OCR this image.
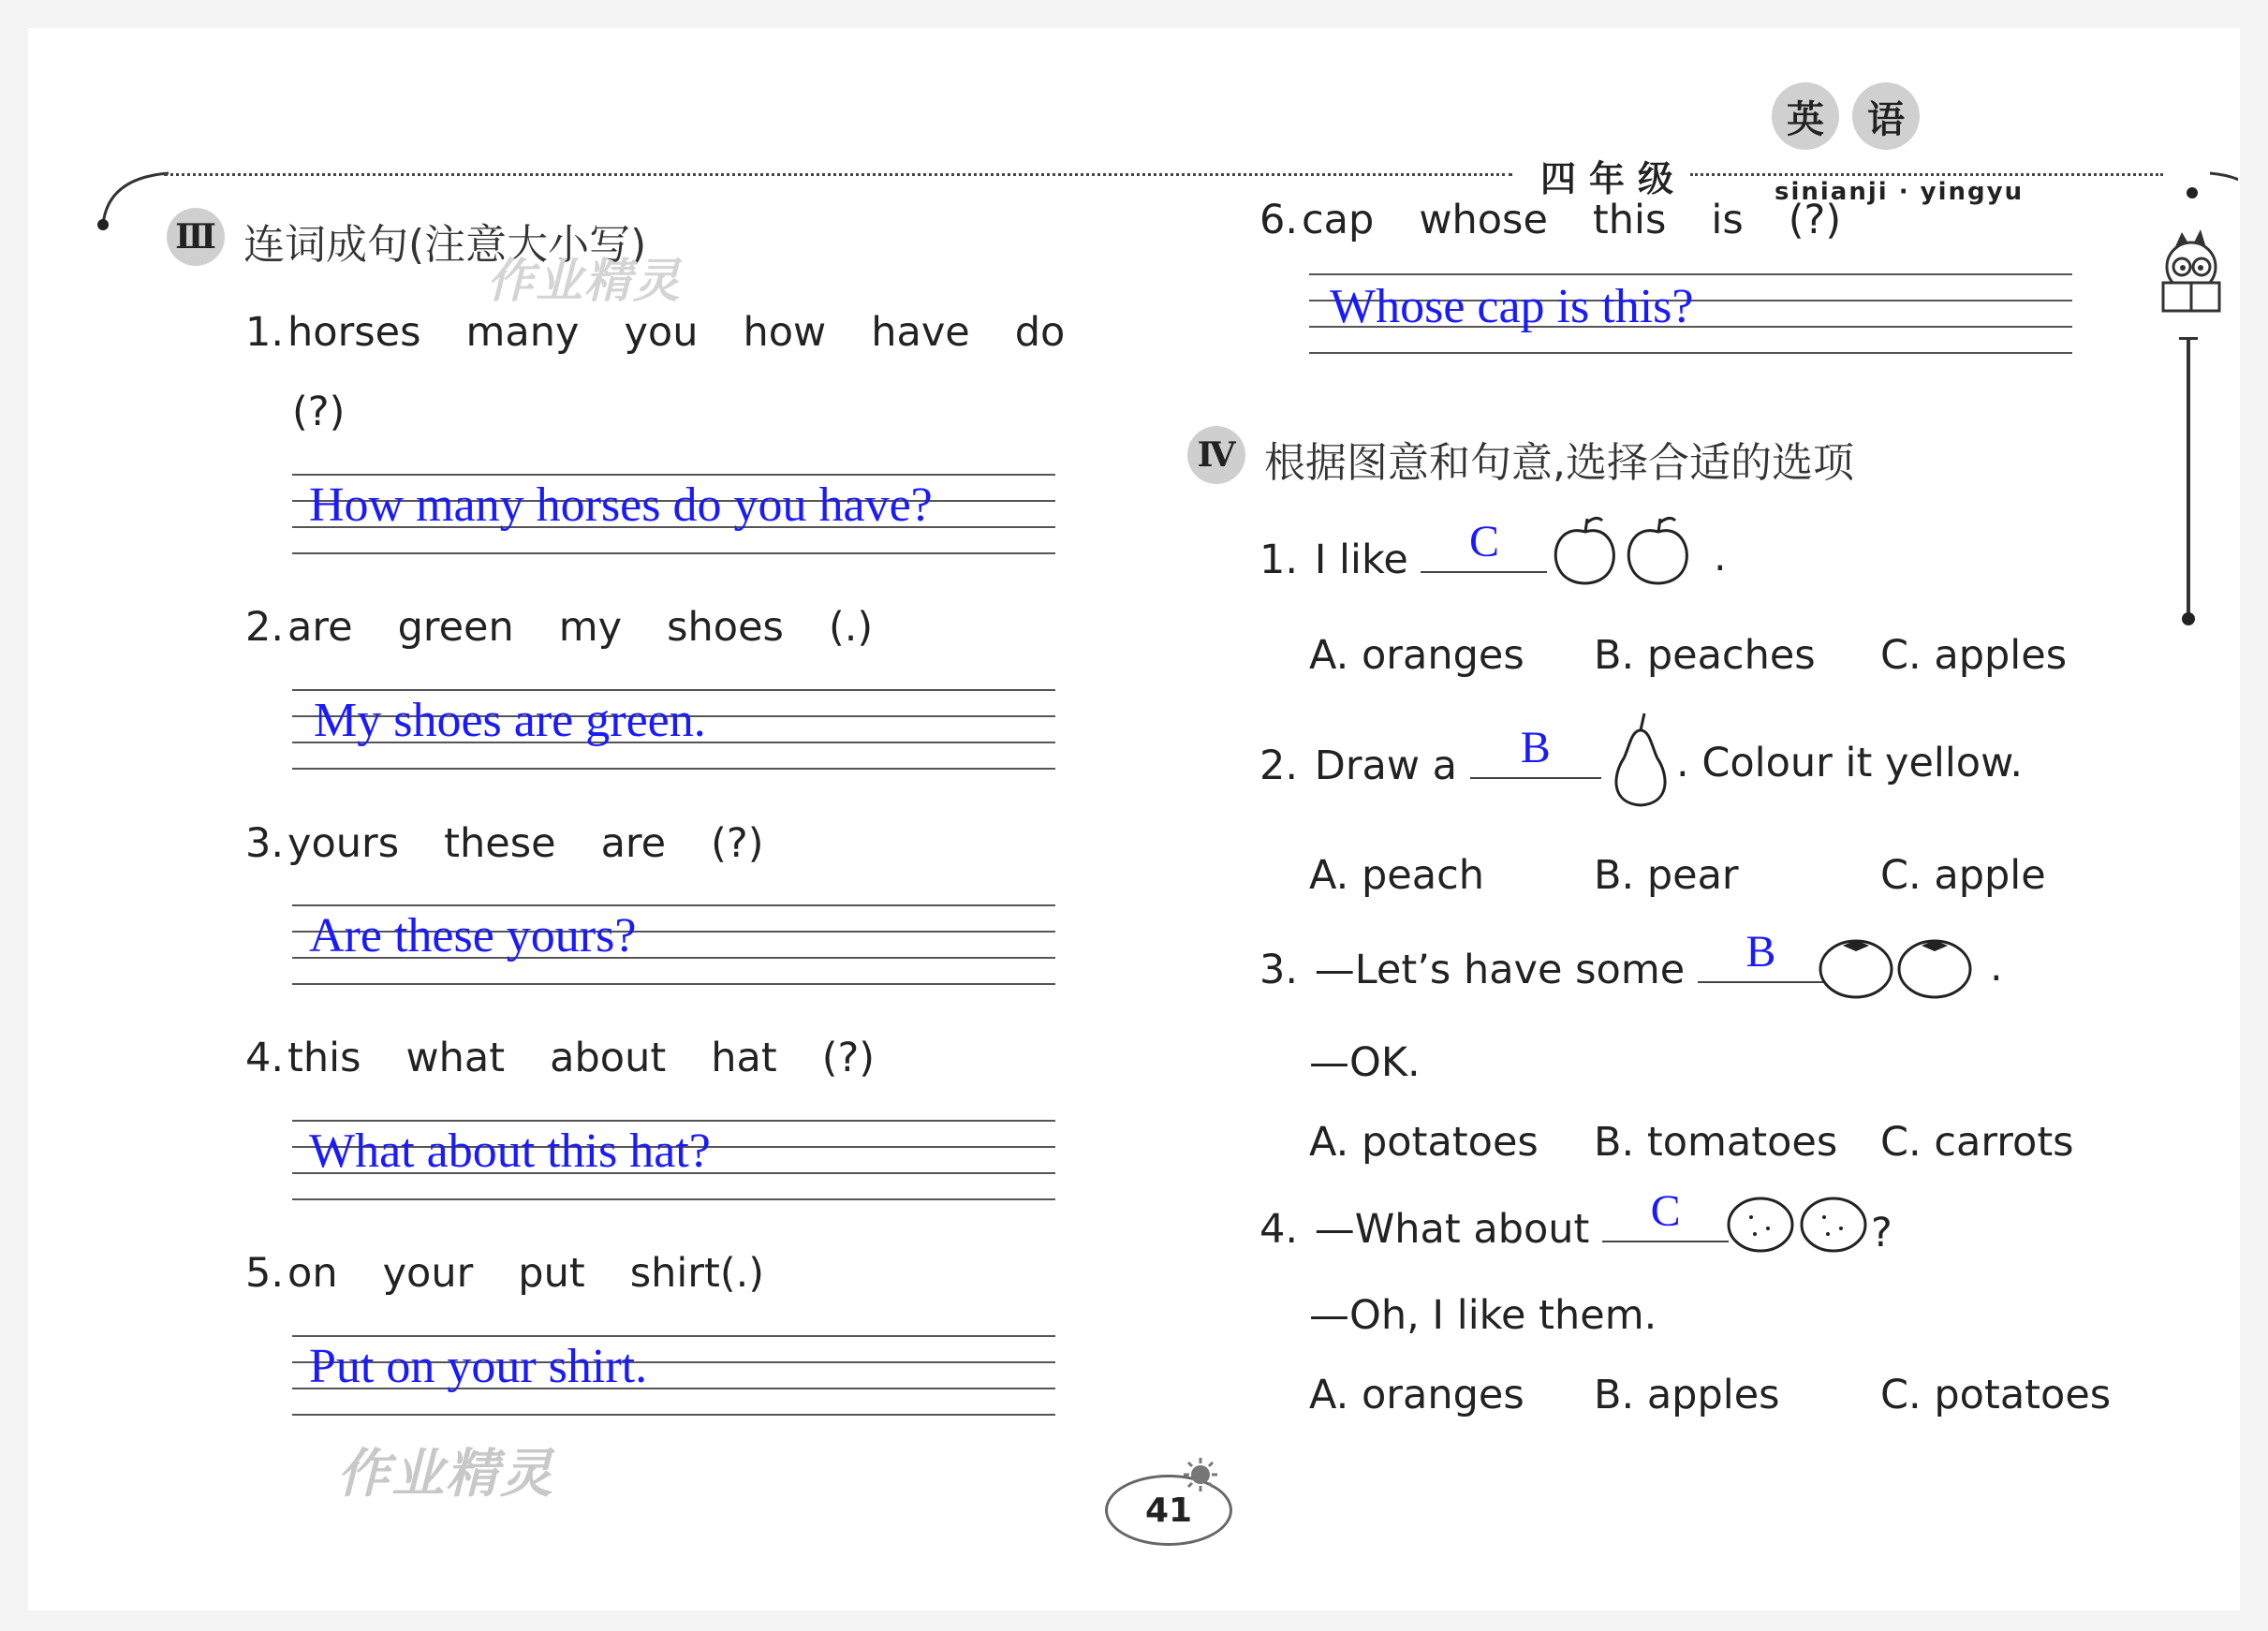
四年级
英	语
sinianji · yingyu
Ⅲ 连词成句(注意大小写)
作业精灵
1.horses many you how have do
(?)
How many horses do you have?
2.are green my shoes (.)
My shoes are green.
3.yours these are (?)
Are these yours?
4.this what about hat (?)
What about this hat?
5.on your put shirt(.)
Put on your shirt.
作业精灵
6.cap whose this is (?)
Whose cap is this?
Ⅳ 根据图意和句意,选择合适的选项
1. I like	C	.
A. oranges B. peaches C. apples
2. Draw a	B	. Colour it yellow.
A. peach	B. pear	C. apple
3. —Let’s have some	B	.
—OK.
A. potatoes B. tomatoes C. carrots
4. —What about	C	?
—Oh, I like them.
A. oranges B. apples C. potatoes
41
